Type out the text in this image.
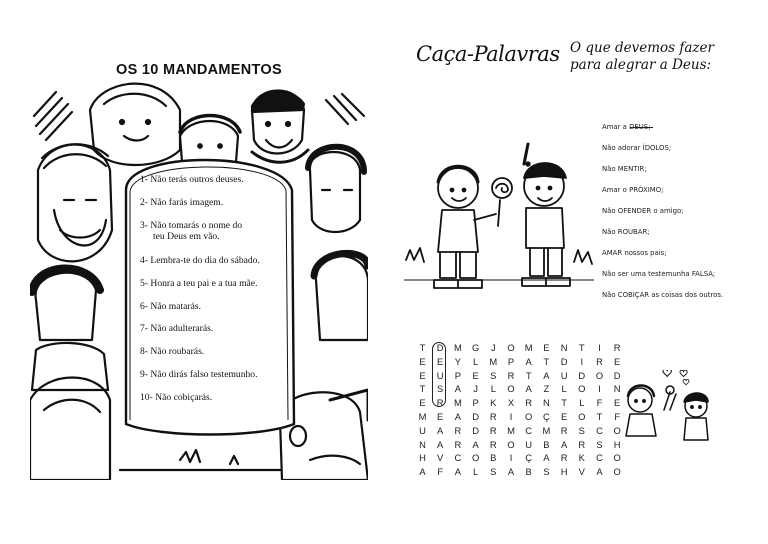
OS 10 MANDAMENTOS
1- Não terás outros deuses.
2- Não farás imagem.
3- Não tomarás o nome do
teu Deus em vão.
4- Lembra-te do dia do sábado.
5- Honra a teu pai e a tua mãe.
6- Não matarás.
7- Não adulterarás.
8- Não roubarás.
9- Não dirás falso testemunho.
10- Não cobiçarás.
Caça-Palavras O que devemos fazer
para alegrar a Deus:
Amar a DEUS;
Não adorar ÍDOLOS;
Não MENTIR;
Amar o PRÓXIMO;
Não OFENDER o amigo;
Não ROUBAR;
AMAR nossos pais;
Não ser uma testemunha FALSA;
Não COBIÇAR as coisas dos outros.
T	D	M	G	J	O	M	E	N	T	I	R
E	E	Y	L	M	P	A	T	D	I	R	E
E	U	P	E	S	R	T	A	U	D	O	D
T	S	A	J	L	O	A	Z	L	O	I	N
E	R	M	P	K	X	R	N	T	L	F	E
M	E	A	D	R	I	O	Ç	E	O	T	F
U	A	R	D	R	M	C	M	R	S	C	O
N	A	R	A	R	O	U	B	A	R	S	H
H	V	C	O	B	I	Ç	A	R	K	C	O
A	F	A	L	S	A	B	S	H	V	A	O
